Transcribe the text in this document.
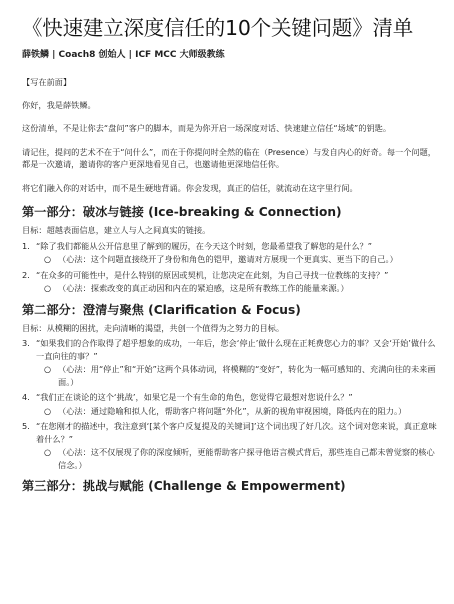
《快速建立深度信任的10个关键问题》清单
薛铁鳞 | Coach8 创始人 | ICF MCC 大师级教练

【写在前面】

你好，我是薛铁鳞。

这份清单，不是让你去“盘问”客户的脚本，而是为你开启一场深度对话、快速建立信任“场域”的钥匙。

请记住，提问的艺术不在于“问什么”，而在于你提问时全然的临在（Presence）与发自内心的好奇。每一个问题，都是一次邀请，邀请你的客户更深地看见自己，也邀请他更深地信任你。

将它们融入你的对话中，而不是生硬地背诵。你会发现，真正的信任，就流动在这字里行间。

第一部分：破冰与链接 (Ice-breaking & Connection)
目标：超越表面信息，建立人与人之间真实的链接。
1. “除了我们都能从公开信息里了解到的履历，在今天这个时刻，您最希望我了解您的是什么？”
○ （心法：这个问题直接绕开了身份和角色的铠甲，邀请对方展现一个更真实、更当下的自己。）
2. “在众多的可能性中，是什么特别的原因或契机，让您决定在此刻，为自己寻找一位教练的支持？”
○ （心法：探索改变的真正动因和内在的紧迫感，这是所有教练工作的能量来源。）
第二部分：澄清与聚焦 (Clarification & Focus)
目标：从模糊的困扰，走向清晰的渴望，共创一个值得为之努力的目标。
3. “如果我们的合作取得了超乎想象的成功，一年后，您会‘停止’做什么现在正耗费您心力的事？又会‘开始’做什么一直向往的事？”
○ （心法：用“停止”和“开始”这两个具体动词，将模糊的“变好”，转化为一幅可感知的、充满向往的未来画面。）
4. “我们正在谈论的这个‘挑战’，如果它是一个有生命的角色，您觉得它最想对您说什么？”
○ （心法：通过隐喻和拟人化，帮助客户将问题“外化”，从新的视角审视困境，降低内在的阻力。）
5. “在您刚才的描述中，我注意到‘[某个客户反复提及的关键词]’这个词出现了好几次。这个词对您来说，真正意味着什么？”
○ （心法：这不仅展现了你的深度倾听，更能帮助客户探寻他语言模式背后，那些连自己都未曾觉察的核心信念。）
第三部分：挑战与赋能 (Challenge & Empowerment)
